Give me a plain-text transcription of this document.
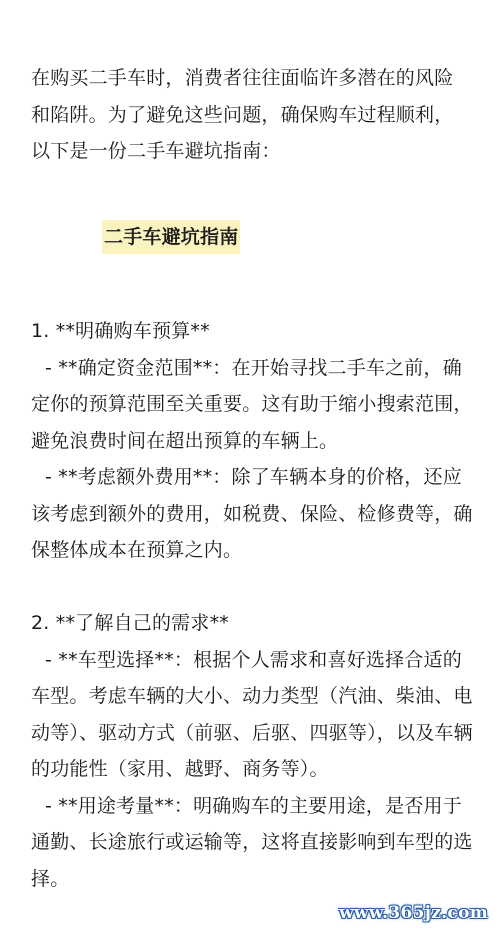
在购买二手车时，消费者往往面临许多潜在的风险和陷阱。为了避免这些问题，确保购车过程顺利，以下是一份二手车避坑指南：

二手车避坑指南

1. **明确购车预算**

- **确定资金范围**：在开始寻找二手车之前，确定你的预算范围至关重要。这有助于缩小搜索范围，避免浪费时间在超出预算的车辆上。

- **考虑额外费用**：除了车辆本身的价格，还应该考虑到额外的费用，如税费、保险、检修费等，确保整体成本在预算之内。

2. **了解自己的需求**

- **车型选择**：根据个人需求和喜好选择合适的车型。考虑车辆的大小、动力类型（汽油、柴油、电动等）、驱动方式（前驱、后驱、四驱等），以及车辆的功能性（家用、越野、商务等）。

- **用途考量**：明确购车的主要用途，是否用于通勤、长途旅行或运输等，这将直接影响到车型的选择。

www.365jz.com
